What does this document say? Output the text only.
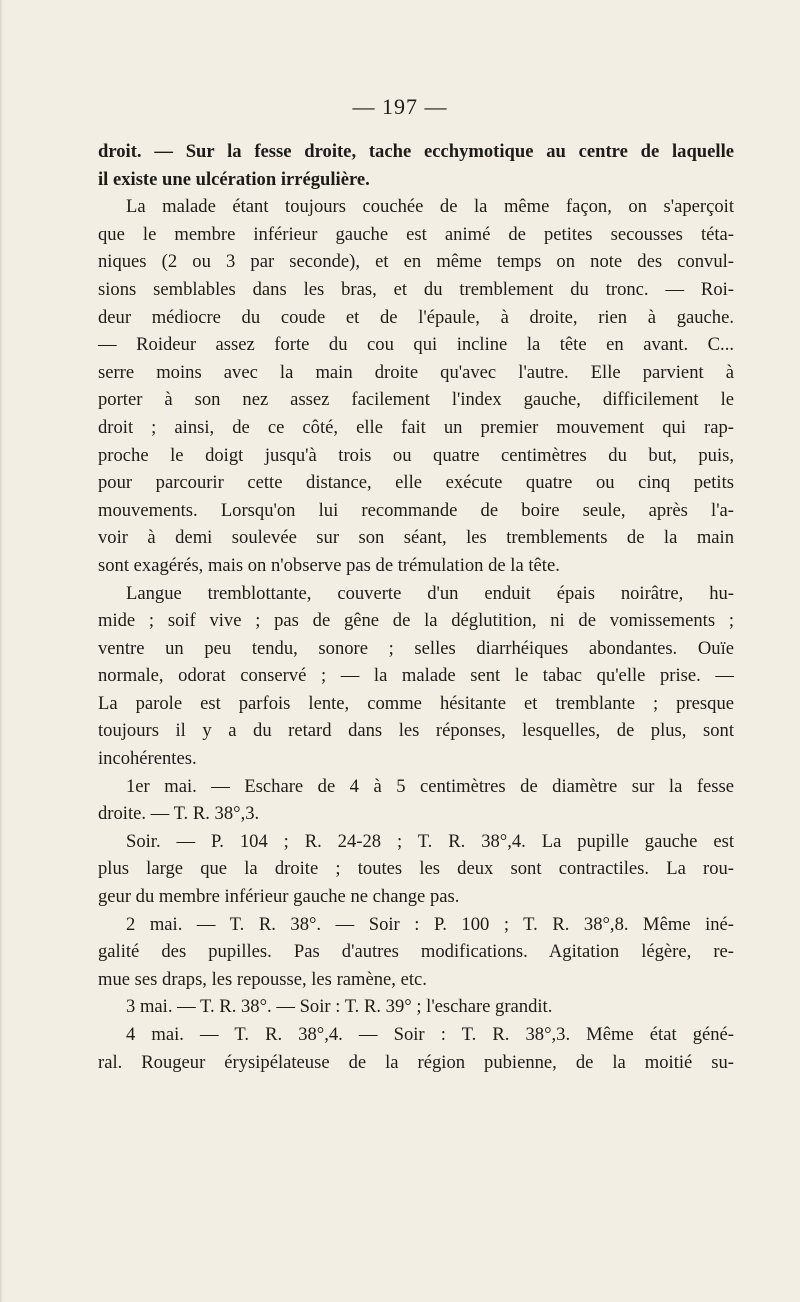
— 197 —
droit. — Sur la fesse droite, tache ecchymotique au centre de laquelle
il existe une ulcération irrégulière.
La malade étant toujours couchée de la même façon, on s'aperçoit
que le membre inférieur gauche est animé de petites secousses téta-
niques (2 ou 3 par seconde), et en même temps on note des convul-
sions semblables dans les bras, et du tremblement du tronc. — Roi-
deur médiocre du coude et de l'épaule, à droite, rien à gauche.
— Roideur assez forte du cou qui incline la tête en avant. C...
serre moins avec la main droite qu'avec l'autre. Elle parvient à
porter à son nez assez facilement l'index gauche, difficilement le
droit ; ainsi, de ce côté, elle fait un premier mouvement qui rap-
proche le doigt jusqu'à trois ou quatre centimètres du but, puis,
pour parcourir cette distance, elle exécute quatre ou cinq petits
mouvements. Lorsqu'on lui recommande de boire seule, après l'a-
voir à demi soulevée sur son séant, les tremblements de la main
sont exagérés, mais on n'observe pas de trémulation de la tête.
Langue tremblottante, couverte d'un enduit épais noirâtre, hu-
mide ; soif vive ; pas de gêne de la déglutition, ni de vomissements ;
ventre un peu tendu, sonore ; selles diarrhéiques abondantes. Ouïe
normale, odorat conservé ; — la malade sent le tabac qu'elle prise. —
La parole est parfois lente, comme hésitante et tremblante ; presque
toujours il y a du retard dans les réponses, lesquelles, de plus, sont
incohérentes.
1er mai. — Eschare de 4 à 5 centimètres de diamètre sur la fesse
droite. — T. R. 38°,3.
Soir. — P. 104 ; R. 24-28 ; T. R. 38°,4. La pupille gauche est
plus large que la droite ; toutes les deux sont contractiles. La rou-
geur du membre inférieur gauche ne change pas.
2 mai. — T. R. 38°. — Soir : P. 100 ; T. R. 38°,8. Même iné-
galité des pupilles. Pas d'autres modifications. Agitation légère, re-
mue ses draps, les repousse, les ramène, etc.
3 mai. — T. R. 38°. — Soir : T. R. 39° ; l'eschare grandit.
4 mai. — T. R. 38°,4. — Soir : T. R. 38°,3. Même état géné-
ral. Rougeur érysipélateuse de la région pubienne, de la moitié su-
